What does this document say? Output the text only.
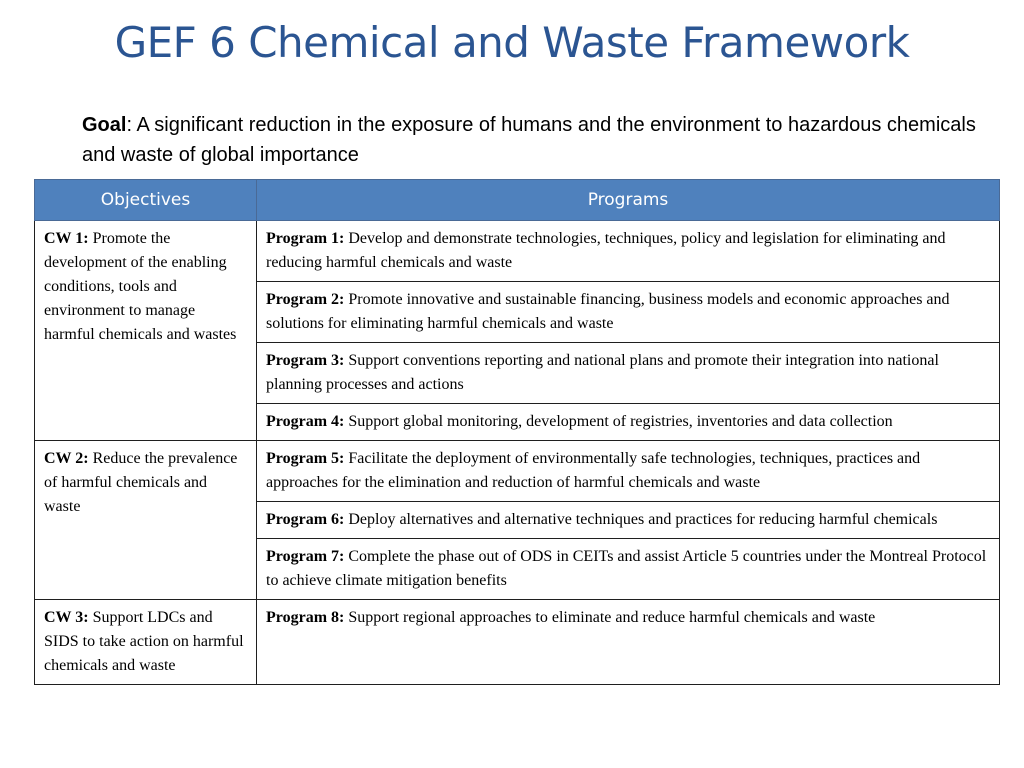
GEF 6 Chemical and Waste Framework
Goal: A significant reduction in the exposure of humans and the environment to hazardous chemicals and waste of global importance
Objectives	Programs
CW 1: Promote the development of the enabling conditions, tools and environment to manage harmful chemicals and wastes	Program 1: Develop and demonstrate technologies, techniques, policy and legislation for eliminating and reducing harmful chemicals and waste
	Program 2: Promote innovative and sustainable financing, business models and economic approaches and solutions for eliminating harmful chemicals and waste
	Program 3: Support conventions reporting and national plans and promote their integration into national planning processes and actions
	Program 4: Support global monitoring, development of registries, inventories and data collection
CW 2: Reduce the prevalence of harmful chemicals and waste	Program 5: Facilitate the deployment of environmentally safe technologies, techniques, practices and approaches for the elimination and reduction of harmful chemicals and waste
	Program 6: Deploy alternatives and alternative techniques and practices for reducing harmful chemicals
	Program 7: Complete the phase out of ODS in CEITs and assist Article 5 countries under the Montreal Protocol to achieve climate mitigation benefits
CW 3: Support LDCs and SIDS to take action on harmful chemicals and waste	Program 8: Support regional approaches to eliminate and reduce harmful chemicals and waste
